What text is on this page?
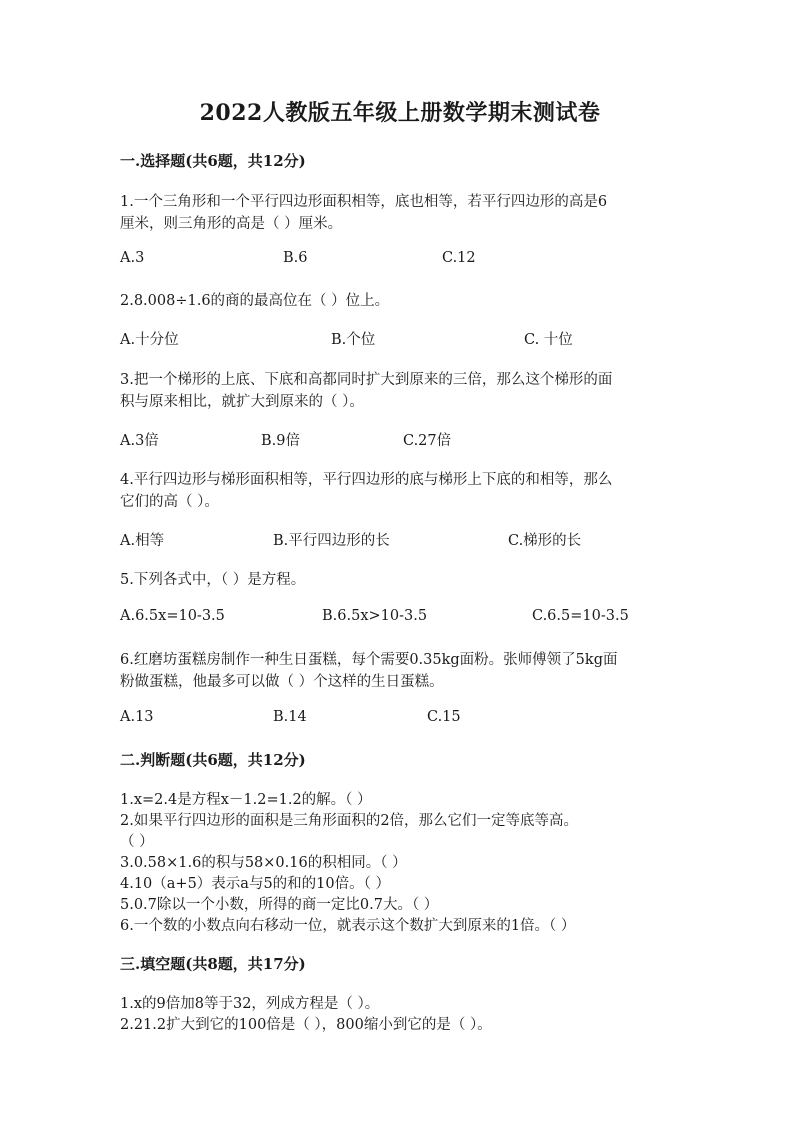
2022人教版五年级上册数学期末测试卷
一.选择题(共6题，共12分)
1.一个三角形和一个平行四边形面积相等，底也相等，若平行四边形的高是6
厘米，则三角形的高是（ ）厘米。
A.3	B.6	C.12
2.8.008÷1.6的商的最高位在（ ）位上。
A.十分位	B.个位	C. 十位
3.把一个梯形的上底、下底和高都同时扩大到原来的三倍，那么这个梯形的面
积与原来相比，就扩大到原来的（ ）。
A.3倍	B.9倍	C.27倍
4.平行四边形与梯形面积相等，平行四边形的底与梯形上下底的和相等，那么
它们的高（ ）。
A.相等	B.平行四边形的长	C.梯形的长
5.下列各式中，（ ）是方程。
A.6.5x=10-3.5	B.6.5x>10-3.5	C.6.5=10-3.5
6.红磨坊蛋糕房制作一种生日蛋糕，每个需要0.35kg面粉。张师傅领了5kg面
粉做蛋糕，他最多可以做（ ）个这样的生日蛋糕。
A.13	B.14	C.15
二.判断题(共6题，共12分)
1.x=2.4是方程x－1.2=1.2的解。（ ）
2.如果平行四边形的面积是三角形面积的2倍，那么它们一定等底等高。
（ ）
3.0.58×1.6的积与58×0.16的积相同。（ ）
4.10（a+5）表示a与5的和的10倍。（ ）
5.0.7除以一个小数，所得的商一定比0.7大。（ ）
6.一个数的小数点向右移动一位，就表示这个数扩大到原来的1倍。（ ）
三.填空题(共8题，共17分)
1.x的9倍加8等于32，列成方程是（ ）。
2.21.2扩大到它的100倍是（ ），800缩小到它的是（ ）。
